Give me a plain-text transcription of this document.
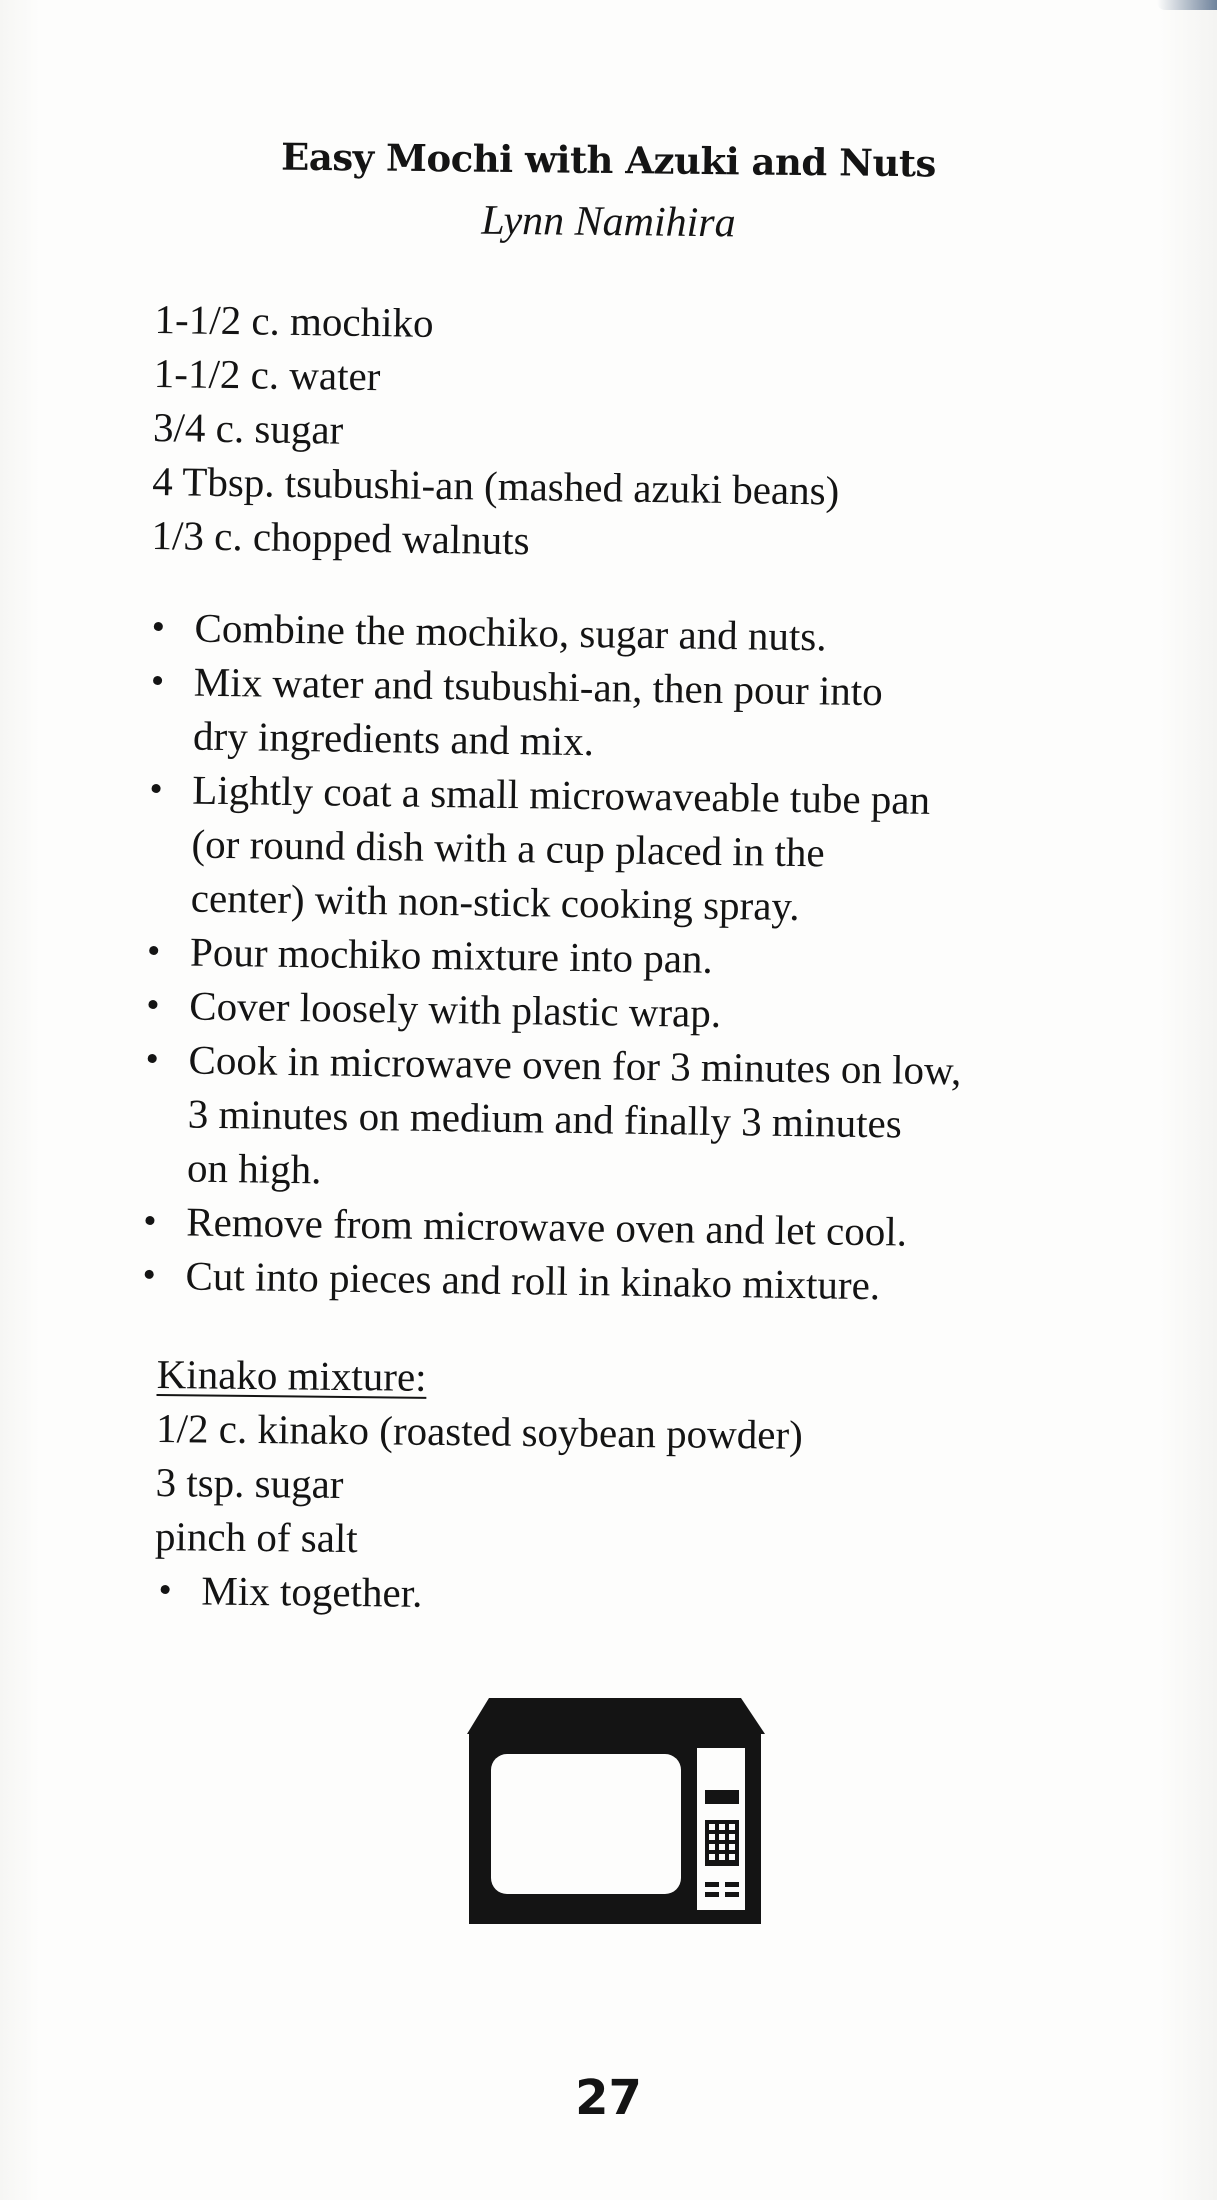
Easy Mochi with Azuki and Nuts
Lynn Namihira
1-1/2 c. mochiko
1-1/2 c. water
3/4 c. sugar
4 Tbsp. tsubushi-an (mashed azuki beans)
1/3 c. chopped walnuts
• Combine the mochiko, sugar and nuts.
• Mix water and tsubushi-an, then pour into
dry ingredients and mix.
• Lightly coat a small microwaveable tube pan
(or round dish with a cup placed in the
center) with non-stick cooking spray.
• Pour mochiko mixture into pan.
• Cover loosely with plastic wrap.
• Cook in microwave oven for 3 minutes on low,
3 minutes on medium and finally 3 minutes
on high.
• Remove from microwave oven and let cool.
• Cut into pieces and roll in kinako mixture.
Kinako mixture:
1/2 c. kinako (roasted soybean powder)
3 tsp. sugar
pinch of salt
• Mix together.
27
